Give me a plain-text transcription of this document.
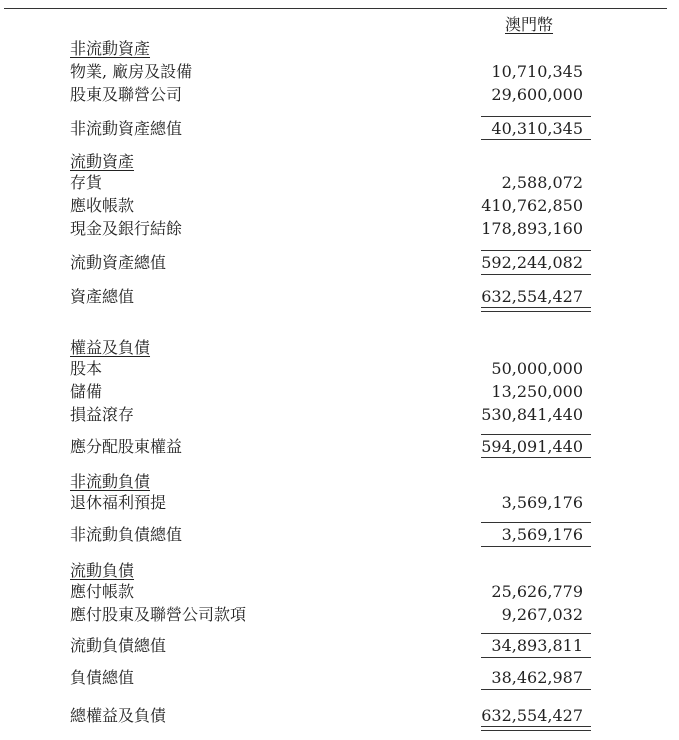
澳門幣
非流動資產
物業, 廠房及設備	10,710,345
股東及聯營公司	29,600,000
非流動資產總值	40,310,345
流動資產
存貨	2,588,072
應收帳款	410,762,850
現金及銀行結餘	178,893,160
流動資產總值	592,244,082
資產總值	632,554,427
權益及負債
股本	50,000,000
儲備	13,250,000
損益滾存	530,841,440
應分配股東權益	594,091,440
非流動負債
退休福利預提	3,569,176
非流動負債總值	3,569,176
流動負債
應付帳款	25,626,779
應付股東及聯營公司款項	9,267,032
流動負債總值	34,893,811
負債總值	38,462,987
總權益及負債	632,554,427
